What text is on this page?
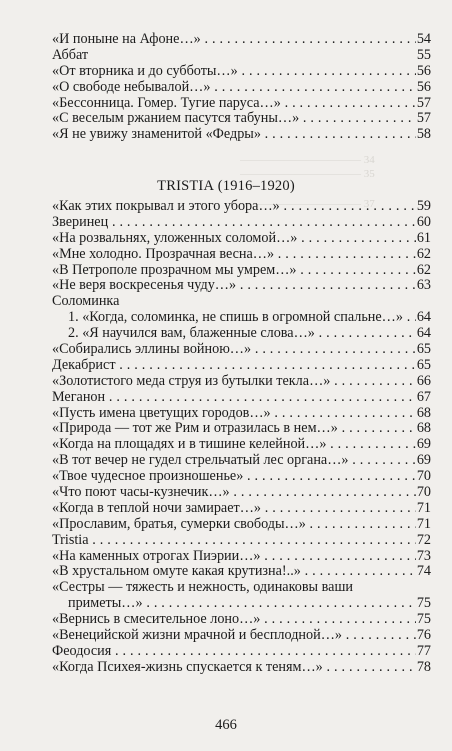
——————————— 34
——————————— 35
——————————— 37
«И поныне на Афоне…» . . .	54
Аббат	55
«От вторника и до субботы…» . . .	56
«О свободе небывалой…» . . .	56
«Бессонница. Гомер. Тугие паруса…» . . .	57
«С веселым ржанием пасутся табуны…» . . .	57
«Я не увижу знаменитой «Федры» . . .	58
TRISTIA (1916–1920)
«Как этих покрывал и этого убора…» . . .	59
Зверинец . . .	60
«На розвальнях, уложенных соломой…» . . .	61
«Мне холодно. Прозрачная весна…» . . .	62
«В Петрополе прозрачном мы умрем…» . . .	62
«Не веря воскресенья чуду…» . . .	63
Соломинка
1. «Когда, соломинка, не спишь в огромной спальне…» . . . 64
2. «Я научился вам, блаженные слова…» . . .	64
«Собирались эллины войною…» . . .	65
Декабрист . . .	65
«Золотистого меда струя из бутылки текла…» . . .	66
Меганон . . .	67
«Пусть имена цветущих городов…» . . .	68
«Природа — тот же Рим и отразилась в нем…» . . .	68
«Когда на площадях и в тишине келейной…» . . .	69
«В тот вечер не гудел стрельча́тый лес органа…» . . .	69
«Твое чудесное произношенье» . . .	70
«Что поют часы-кузнечик…» . . .	70
«Когда в теплой ночи замирает…» . . .	71
«Прославим, братья, сумерки свободы…» . . .	71
Tristia . . .	72
«На каменных отрогах Пиэрии…» . . .	73
«В хрустальном омуте какая крутизна!..» . . .	74
«Сестры — тяжесть и нежность, одинаковы ваши
приметы…» . . .	75
«Вернись в смесительное лоно…» . . .	75
«Венецийской жизни мрачной и бесплодной…» . . .	76
Феодосия . . .	77
«Когда Психея-жизнь спускается к теням…» . . .	78
466
